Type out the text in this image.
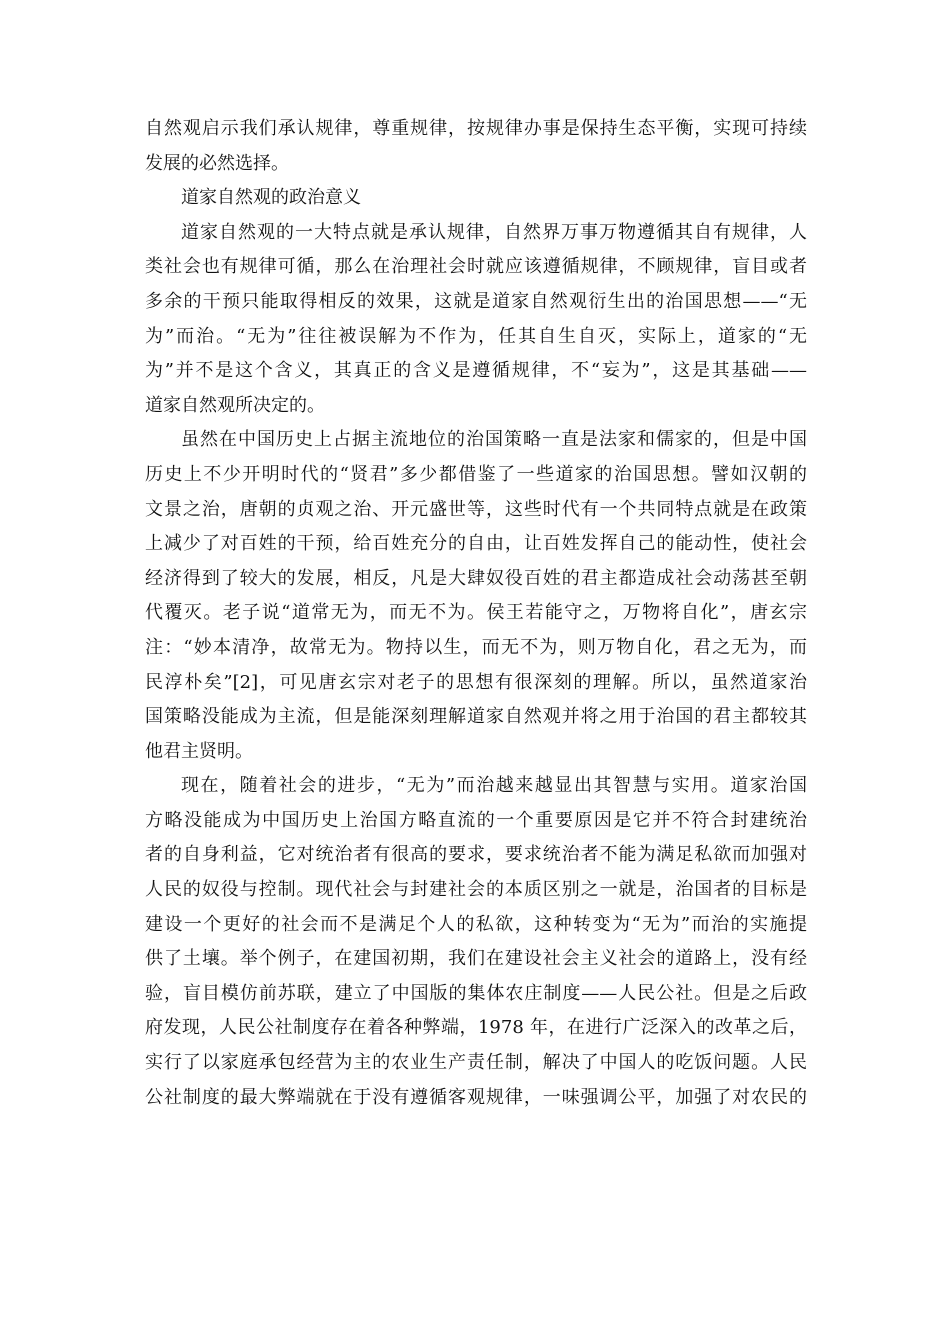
自然观启示我们承认规律，尊重规律，按规律办事是保持生态平衡，实现可持续
发展的必然选择。
道家自然观的政治意义
道家自然观的一大特点就是承认规律，自然界万事万物遵循其自有规律，人
类社会也有规律可循，那么在治理社会时就应该遵循规律，不顾规律，盲目或者
多余的干预只能取得相反的效果，这就是道家自然观衍生出的治国思想——“无
为”而治。“无为”往往被误解为不作为，任其自生自灭，实际上，道家的“无
为”并不是这个含义，其真正的含义是遵循规律，不“妄为”，这是其基础——
道家自然观所决定的。
虽然在中国历史上占据主流地位的治国策略一直是法家和儒家的，但是中国
历史上不少开明时代的“贤君”多少都借鉴了一些道家的治国思想。譬如汉朝的
文景之治，唐朝的贞观之治、开元盛世等，这些时代有一个共同特点就是在政策
上减少了对百姓的干预，给百姓充分的自由，让百姓发挥自己的能动性，使社会
经济得到了较大的发展，相反，凡是大肆奴役百姓的君主都造成社会动荡甚至朝
代覆灭。老子说“道常无为，而无不为。侯王若能守之，万物将自化”，唐玄宗
注：“妙本清净，故常无为。物持以生，而无不为，则万物自化，君之无为，而
民淳朴矣”[2]，可见唐玄宗对老子的思想有很深刻的理解。所以，虽然道家治
国策略没能成为主流，但是能深刻理解道家自然观并将之用于治国的君主都较其
他君主贤明。
现在，随着社会的进步，“无为”而治越来越显出其智慧与实用。道家治国
方略没能成为中国历史上治国方略直流的一个重要原因是它并不符合封建统治
者的自身利益，它对统治者有很高的要求，要求统治者不能为满足私欲而加强对
人民的奴役与控制。现代社会与封建社会的本质区别之一就是，治国者的目标是
建设一个更好的社会而不是满足个人的私欲，这种转变为“无为”而治的实施提
供了土壤。举个例子，在建国初期，我们在建设社会主义社会的道路上，没有经
验，盲目模仿前苏联，建立了中国版的集体农庄制度——人民公社。但是之后政
府发现，人民公社制度存在着各种弊端，1978 年，在进行广泛深入的改革之后，
实行了以家庭承包经营为主的农业生产责任制，解决了中国人的吃饭问题。人民
公社制度的最大弊端就在于没有遵循客观规律，一味强调公平，加强了对农民的
